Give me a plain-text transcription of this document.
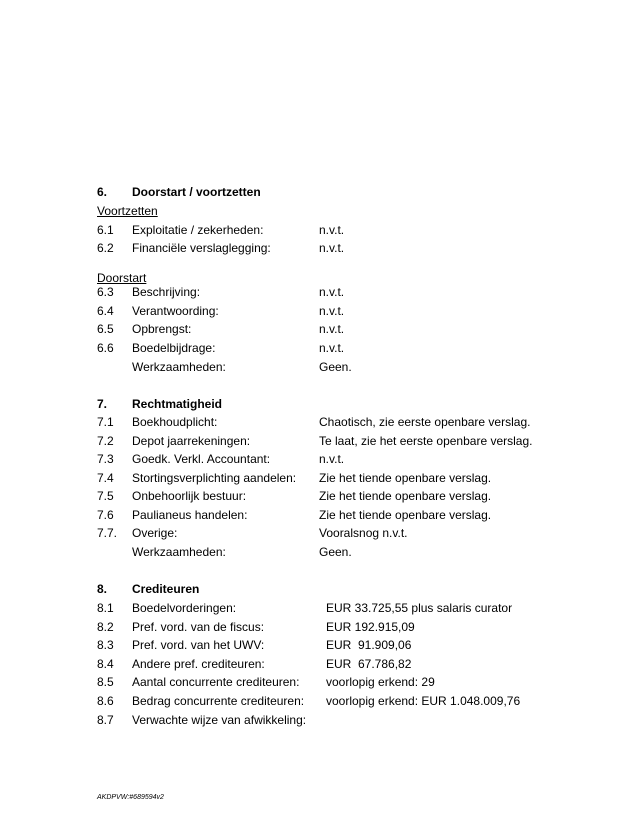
6. Doorstart / voortzetten
Voortzetten
6.1 Exploitatie / zekerheden:	n.v.t.
6.2 Financiële verslaglegging:	n.v.t.
Doorstart
6.3 Beschrijving:	n.v.t.
6.4 Verantwoording:	n.v.t.
6.5 Opbrengst:	n.v.t.
6.6 Boedelbijdrage:	n.v.t.
Werkzaamheden:	Geen.
7. Rechtmatigheid
7.1 Boekhoudplicht:	Chaotisch, zie eerste openbare verslag.
7.2 Depot jaarrekeningen:	Te laat, zie het eerste openbare verslag.
7.3 Goedk. Verkl. Accountant:	n.v.t.
7.4 Stortingsverplichting aandelen: Zie het tiende openbare verslag.
7.5 Onbehoorlijk bestuur:	Zie het tiende openbare verslag.
7.6 Paulianeus handelen:	Zie het tiende openbare verslag.
7.7. Overige:	Vooralsnog n.v.t.
Werkzaamheden:	Geen.
8. Crediteuren
8.1 Boedelvorderingen:	EUR 33.725,55 plus salaris curator
8.2 Pref. vord. van de fiscus:	EUR 192.915,09
8.3 Pref. vord. van het UWV:	EUR  91.909,06
8.4 Andere pref. crediteuren:	EUR  67.786,82
8.5 Aantal concurrente crediteuren: voorlopig erkend: 29
8.6 Bedrag concurrente crediteuren: voorlopig erkend: EUR 1.048.009,76
8.7 Verwachte wijze van afwikkeling:
AKDPVW:#689594v2
